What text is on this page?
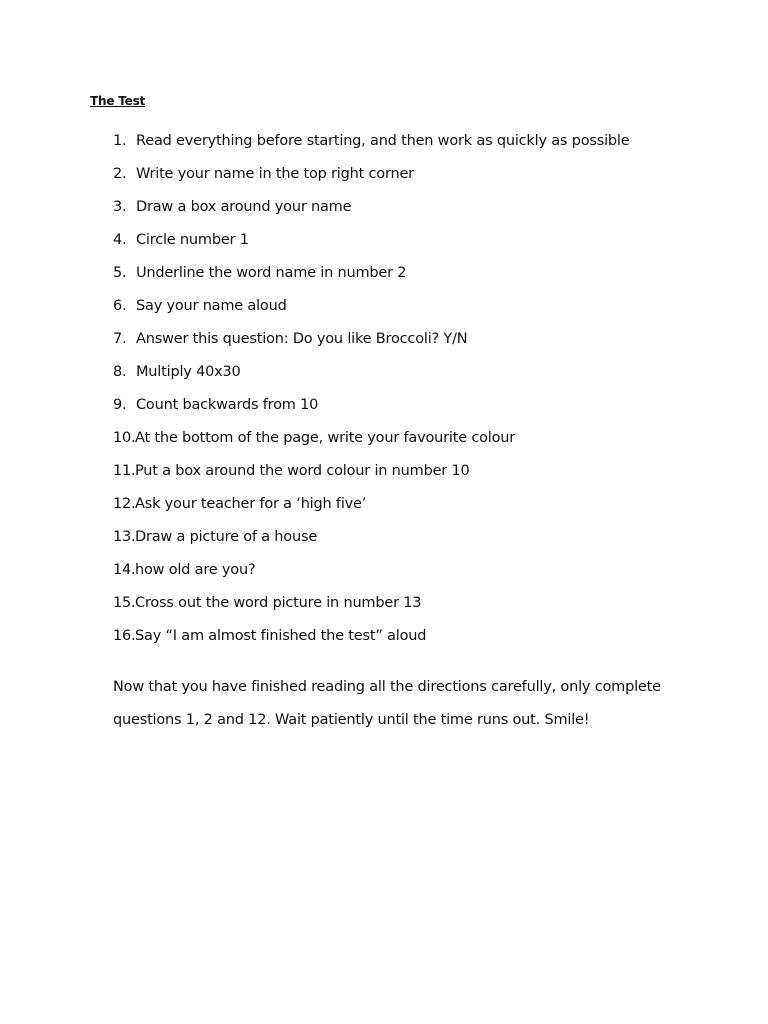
The Test
1. Read everything before starting, and then work as quickly as possible
2. Write your name in the top right corner
3. Draw a box around your name
4. Circle number 1
5. Underline the word name in number 2
6. Say your name aloud
7. Answer this question: Do you like Broccoli? Y/N
8. Multiply 40x30
9. Count backwards from 10
10. At the bottom of the page, write your favourite colour
11. Put a box around the word colour in number 10
12. Ask your teacher for a ‘high five’
13. Draw a picture of a house
14. how old are you?
15. Cross out the word picture in number 13
16. Say “I am almost finished the test” aloud

Now that you have finished reading all the directions carefully, only complete questions 1, 2 and 12. Wait patiently until the time runs out. Smile!
